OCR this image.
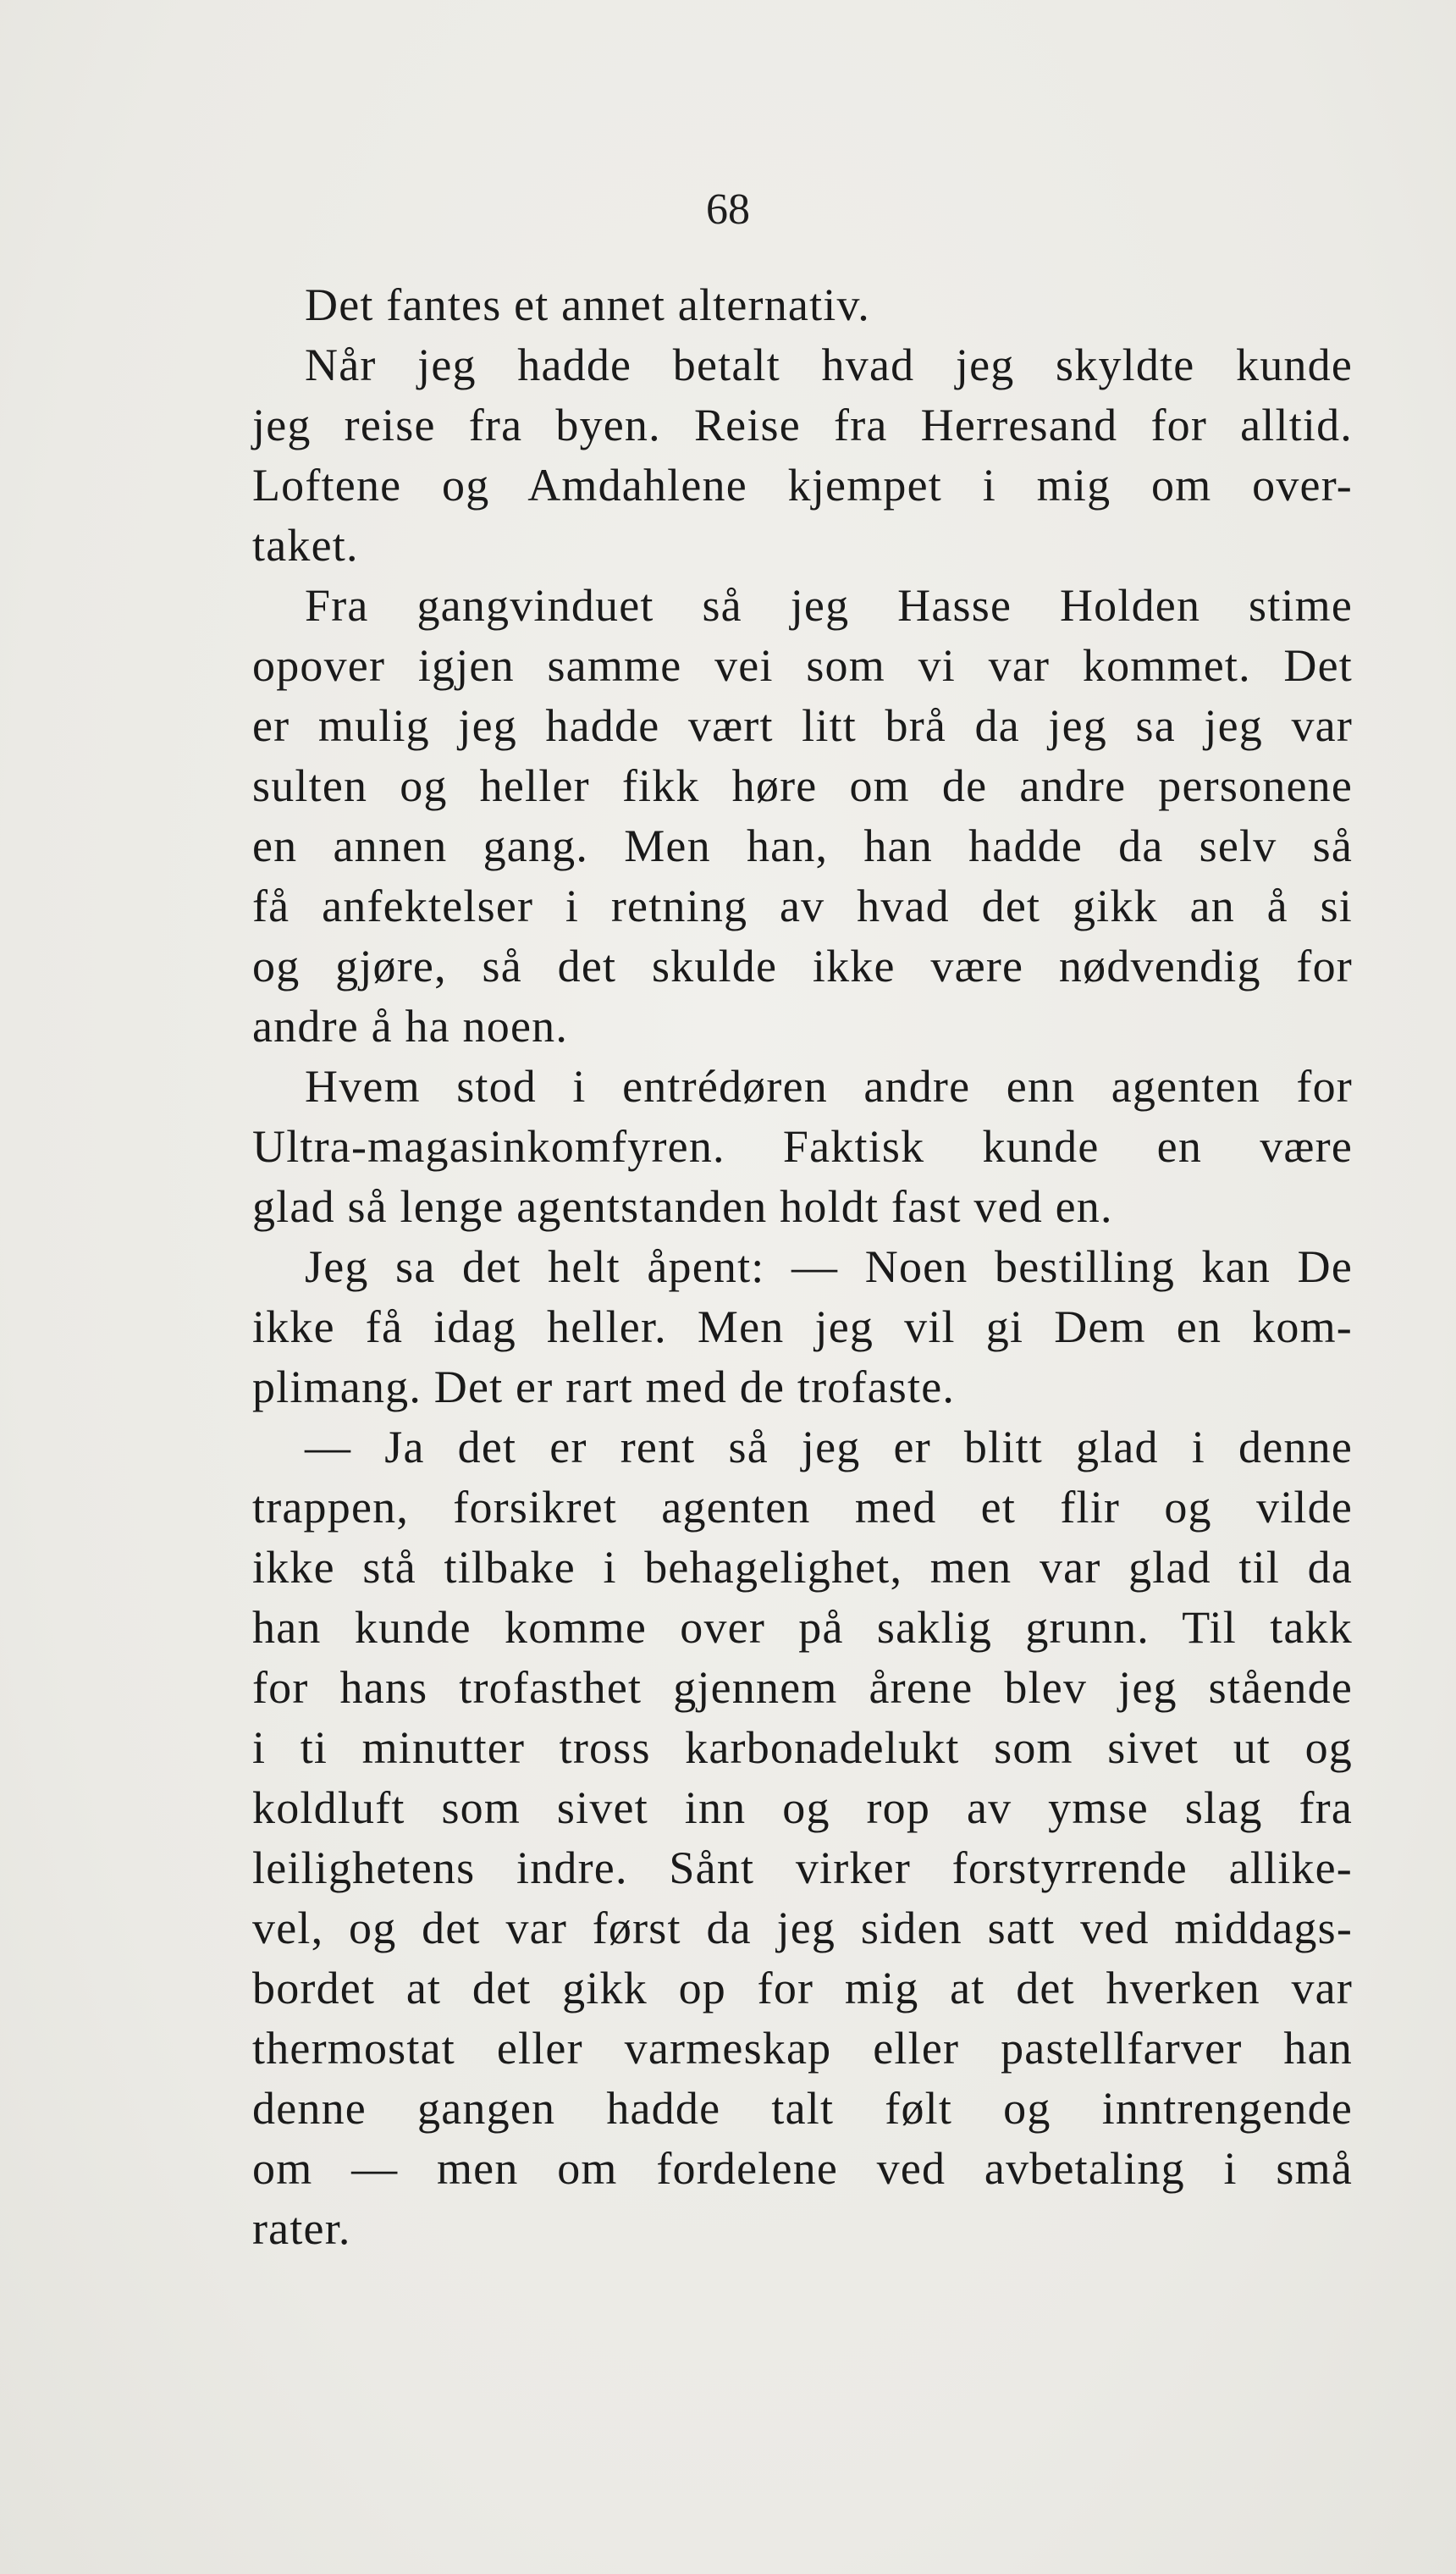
68
Det fantes et annet alternativ.
Når jeg hadde betalt hvad jeg skyldte kunde
jeg reise fra byen. Reise fra Herresand for alltid.
Loftene og Amdahlene kjempet i mig om over-
taket.
Fra gangvinduet så jeg Hasse Holden stime
opover igjen samme vei som vi var kommet. Det
er mulig jeg hadde vært litt brå da jeg sa jeg var
sulten og heller fikk høre om de andre personene
en annen gang. Men han, han hadde da selv så
få anfektelser i retning av hvad det gikk an å si
og gjøre, så det skulde ikke være nødvendig for
andre å ha noen.
Hvem stod i entrédøren andre enn agenten for
Ultra-magasinkomfyren. Faktisk kunde en være
glad så lenge agentstanden holdt fast ved en.
Jeg sa det helt åpent: — Noen bestilling kan De
ikke få idag heller. Men jeg vil gi Dem en kom-
plimang. Det er rart med de trofaste.
— Ja det er rent så jeg er blitt glad i denne
trappen, forsikret agenten med et flir og vilde
ikke stå tilbake i behagelighet, men var glad til da
han kunde komme over på saklig grunn. Til takk
for hans trofasthet gjennem årene blev jeg stående
i ti minutter tross karbonadelukt som sivet ut og
koldluft som sivet inn og rop av ymse slag fra
leilighetens indre. Sånt virker forstyrrende allike-
vel, og det var først da jeg siden satt ved middags-
bordet at det gikk op for mig at det hverken var
thermostat eller varmeskap eller pastellfarver han
denne gangen hadde talt følt og inntrengende
om — men om fordelene ved avbetaling i små
rater.
